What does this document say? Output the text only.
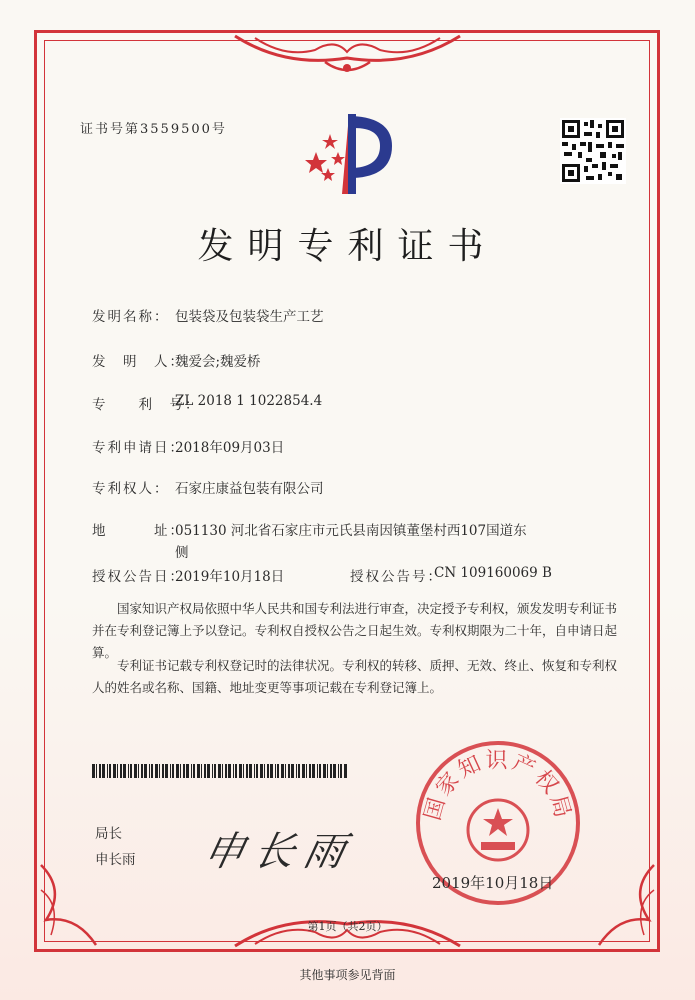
证书号第3559500号
发明专利证书
发明名称： 包装袋及包装袋生产工艺
发　明　人：
魏爱会;魏爱桥
专　　利　号：
ZL 2018 1 1022854.4
专利申请日：
2018年09月03日
专利权人： 石家庄康益包装有限公司
地　　　址：
051130 河北省石家庄市元氏县南因镇董堡村西107国道东
侧
授权公告日：
2019年10月18日	授权公告号：
CN 109160069 B
国家知识产权局依照中华人民共和国专利法进行审查，决定授予专利权，颁发发明专利证书并在专利登记簿上予以登记。专利权自授权公告之日起生效。专利权期限为二十年，自申请日起算。
专利证书记载专利权登记时的法律状况。专利权的转移、质押、无效、终止、恢复和专利权人的姓名或名称、国籍、地址变更等事项记载在专利登记簿上。
局长
申长雨 申长雨
国家知识产权局
2019年10月18日
第1页（共2页）
其他事项参见背面
